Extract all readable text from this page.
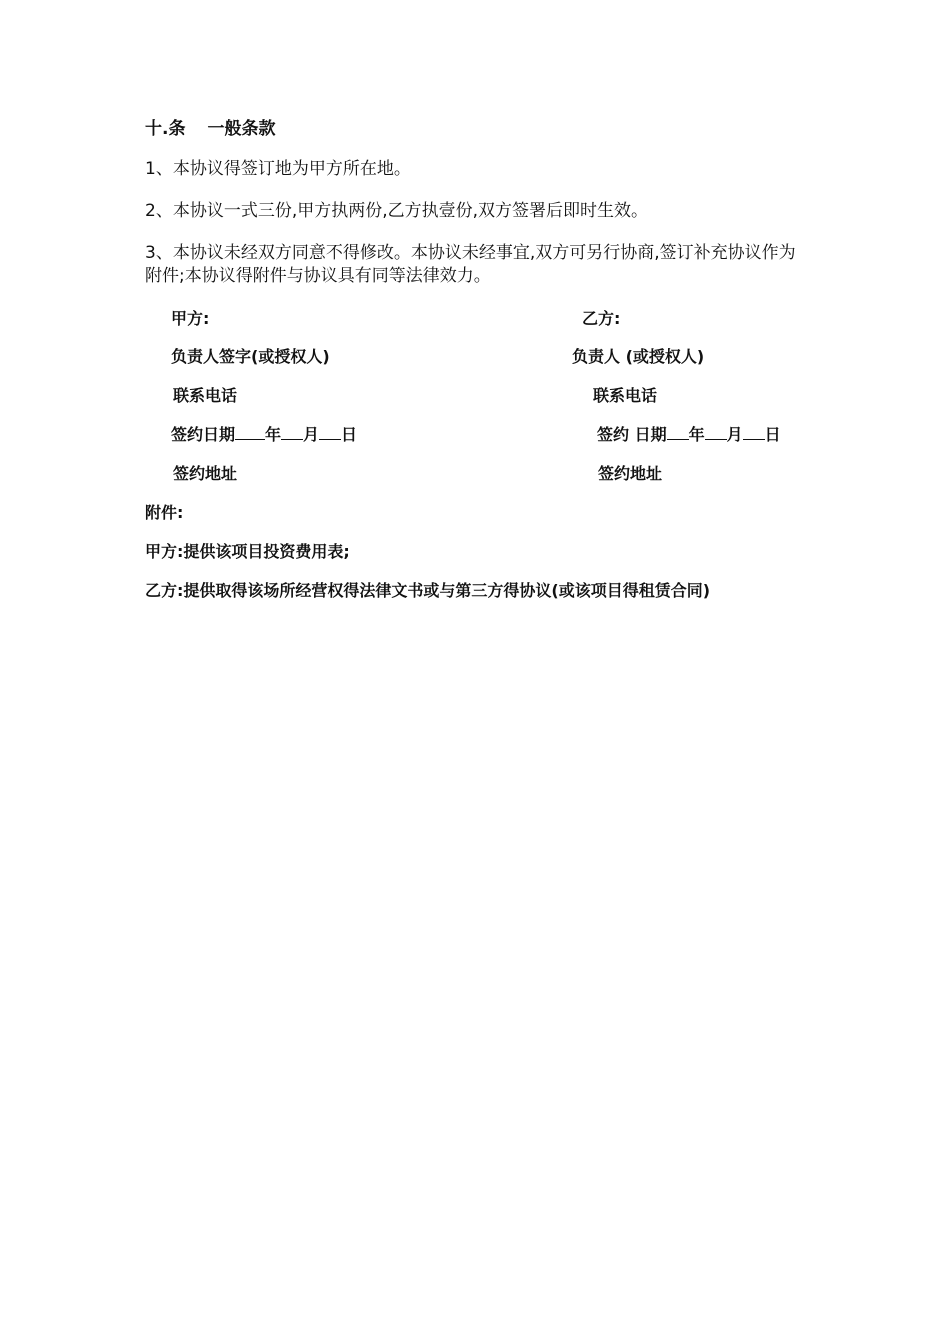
十.条 一般条款
1、本协议得签订地为甲方所在地。
2、本协议一式三份,甲方执两份,乙方执壹份,双方签署后即时生效。
3、本协议未经双方同意不得修改。本协议未经事宜,双方可另行协商,签订补充协议作为附件;本协议得附件与协议具有同等法律效力。
甲方:
负责人签字(或授权人)
联系电话
签约日期 年 月 日
签约地址
乙方:
负责人 (或授权人)
联系电话
签约 日期 年 月 日
签约地址
附件:
甲方:提供该项目投资费用表;
乙方:提供取得该场所经营权得法律文书或与第三方得协议(或该项目得租赁合同)
